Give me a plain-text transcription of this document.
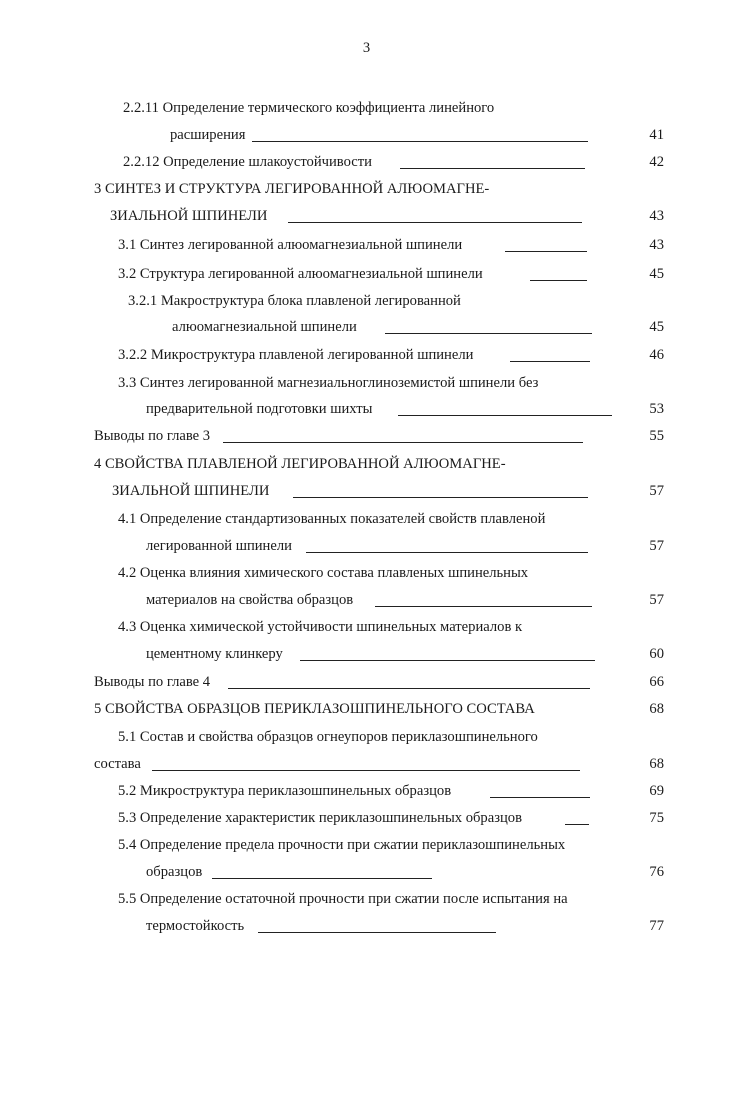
3
2.2.11 Определение термического коэффициента линейного
расширения	41
2.2.12 Определение шлакоустойчивости	42
3 СИНТЕЗ И СТРУКТУРА ЛЕГИРОВАННОЙ АЛЮОМАГНЕ-
ЗИАЛЬНОЙ ШПИНЕЛИ	43
3.1 Синтез легированной алюомагнезиальной шпинели	43
3.2 Структура легированной алюомагнезиальной шпинели	45
3.2.1 Макроструктура блока плавленой легированной
алюомагнезиальной шпинели	45
3.2.2 Микроструктура плавленой легированной шпинели	46
3.3 Синтез легированной магнезиальноглиноземистой шпинели без
предварительной подготовки шихты	53
Выводы по главе 3	55
4 СВОЙСТВА ПЛАВЛЕНОЙ ЛЕГИРОВАННОЙ АЛЮОМАГНЕ-
ЗИАЛЬНОЙ ШПИНЕЛИ	57
4.1 Определение стандартизованных показателей свойств плавленой
легированной шпинели	57
4.2 Оценка влияния химического состава плавленых шпинельных
материалов на свойства образцов	57
4.3 Оценка химической устойчивости шпинельных материалов к
цементному клинкеру	60
Выводы по главе 4	66
5 СВОЙСТВА ОБРАЗЦОВ ПЕРИКЛАЗОШПИНЕЛЬНОГО СОСТАВА	68
5.1 Состав и свойства образцов огнеупоров периклазошпинельного
состава	68
5.2 Микроструктура периклазошпинельных образцов	69
5.3 Определение характеристик периклазошпинельных образцов	75
5.4 Определение предела прочности при сжатии периклазошпинельных
образцов	76
5.5 Определение остаточной прочности при сжатии после испытания на
термостойкость	77
